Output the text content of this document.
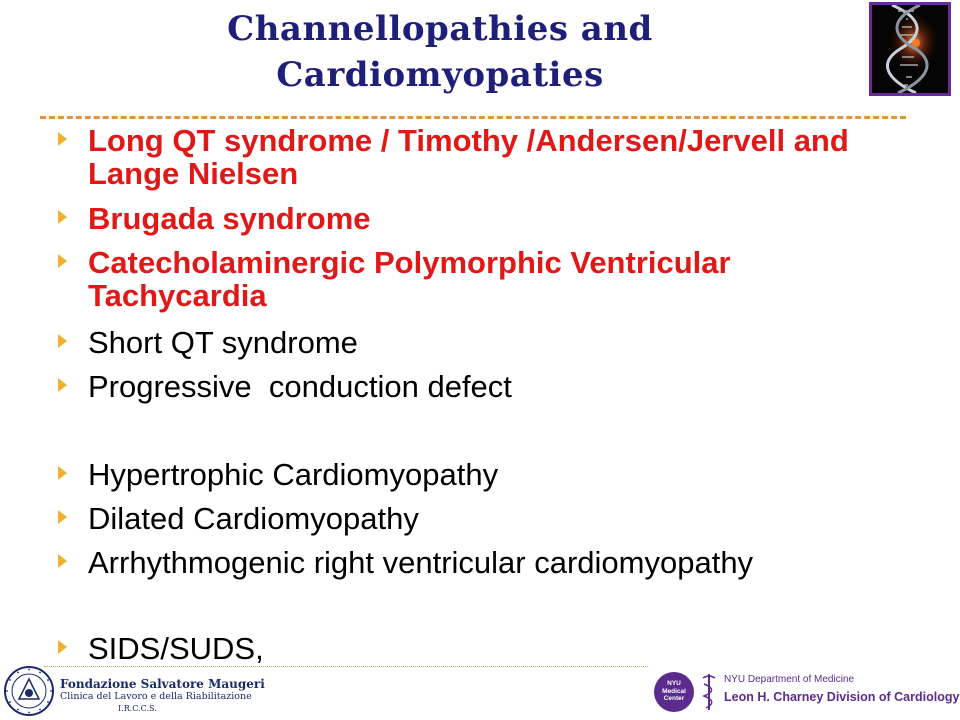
Channellopathies and
Cardiomyopaties
Long QT syndrome / Timothy /Andersen/Jervell and Lange Nielsen
Brugada syndrome
Catecholaminergic Polymorphic Ventricular Tachycardia
Short QT syndrome
Progressive  conduction defect
Hypertrophic Cardiomyopathy
Dilated Cardiomyopathy
Arrhythmogenic right ventricular cardiomyopathy
SIDS/SUDS,
Fondazione Salvatore Maugeri
Clinica del Lavoro e della Riabilitazione
I.R.C.C.S.
NYU
Medical
Center
NYU Department of Medicine
Leon H. Charney Division of Cardiology
